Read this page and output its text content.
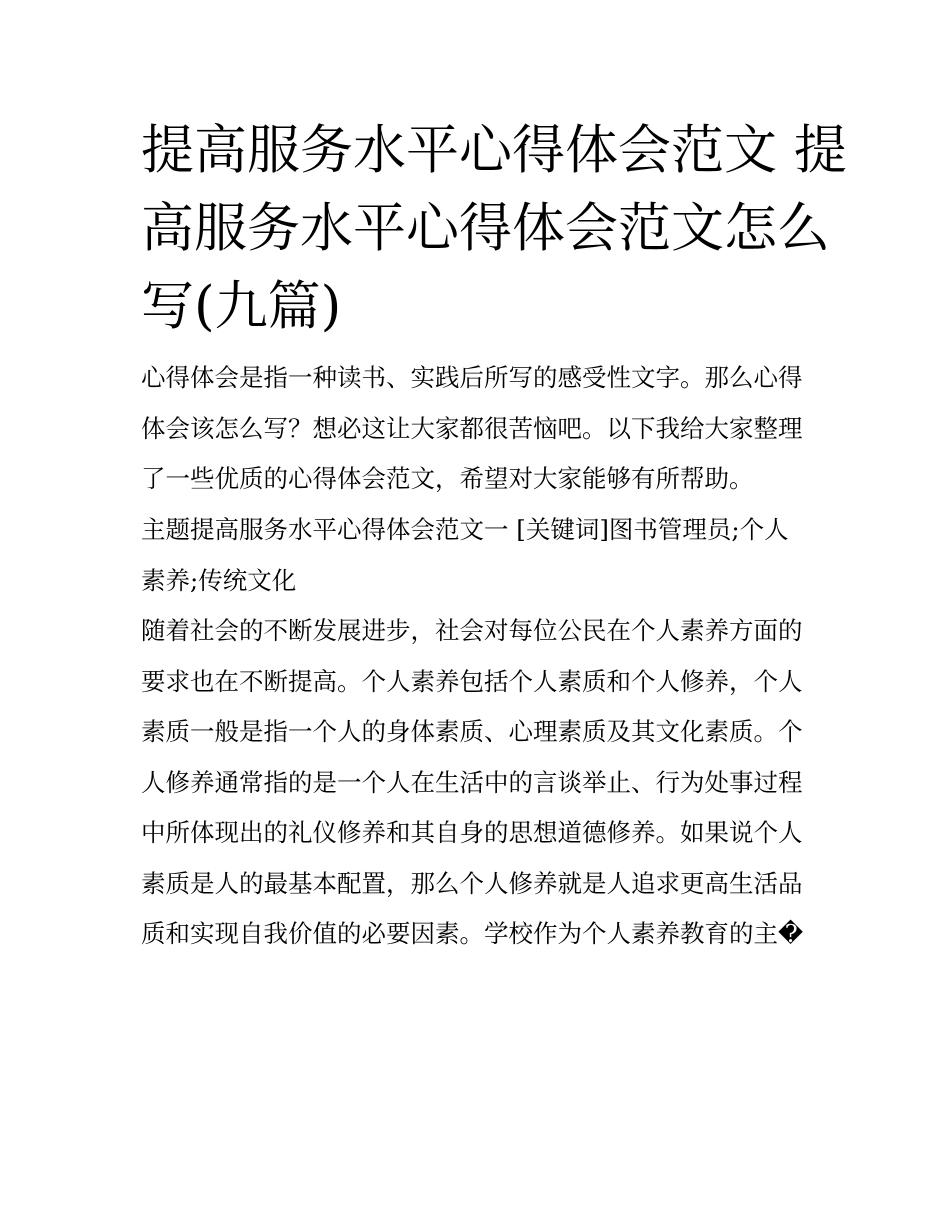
提高服务水平心得体会范文 提
高服务水平心得体会范文怎么
写(九篇)

心得体会是指一种读书、实践后所写的感受性文字。那么心得
体会该怎么写？想必这让大家都很苦恼吧。以下我给大家整理
了一些优质的心得体会范文，希望对大家能够有所帮助。

主题提高服务水平心得体会范文一 [关键词]图书管理员;个人
素养;传统文化

随着社会的不断发展进步，社会对每位公民在个人素养方面的
要求也在不断提高。个人素养包括个人素质和个人修养，个人
素质一般是指一个人的身体素质、心理素质及其文化素质。个
人修养通常指的是一个人在生活中的言谈举止、行为处事过程
中所体现出的礼仪修养和其自身的思想道德修养。如果说个人
素质是人的最基本配置，那么个人修养就是人追求更高生活品
质和实现自我价值的必要因素。学校作为个人素养教育的主�
